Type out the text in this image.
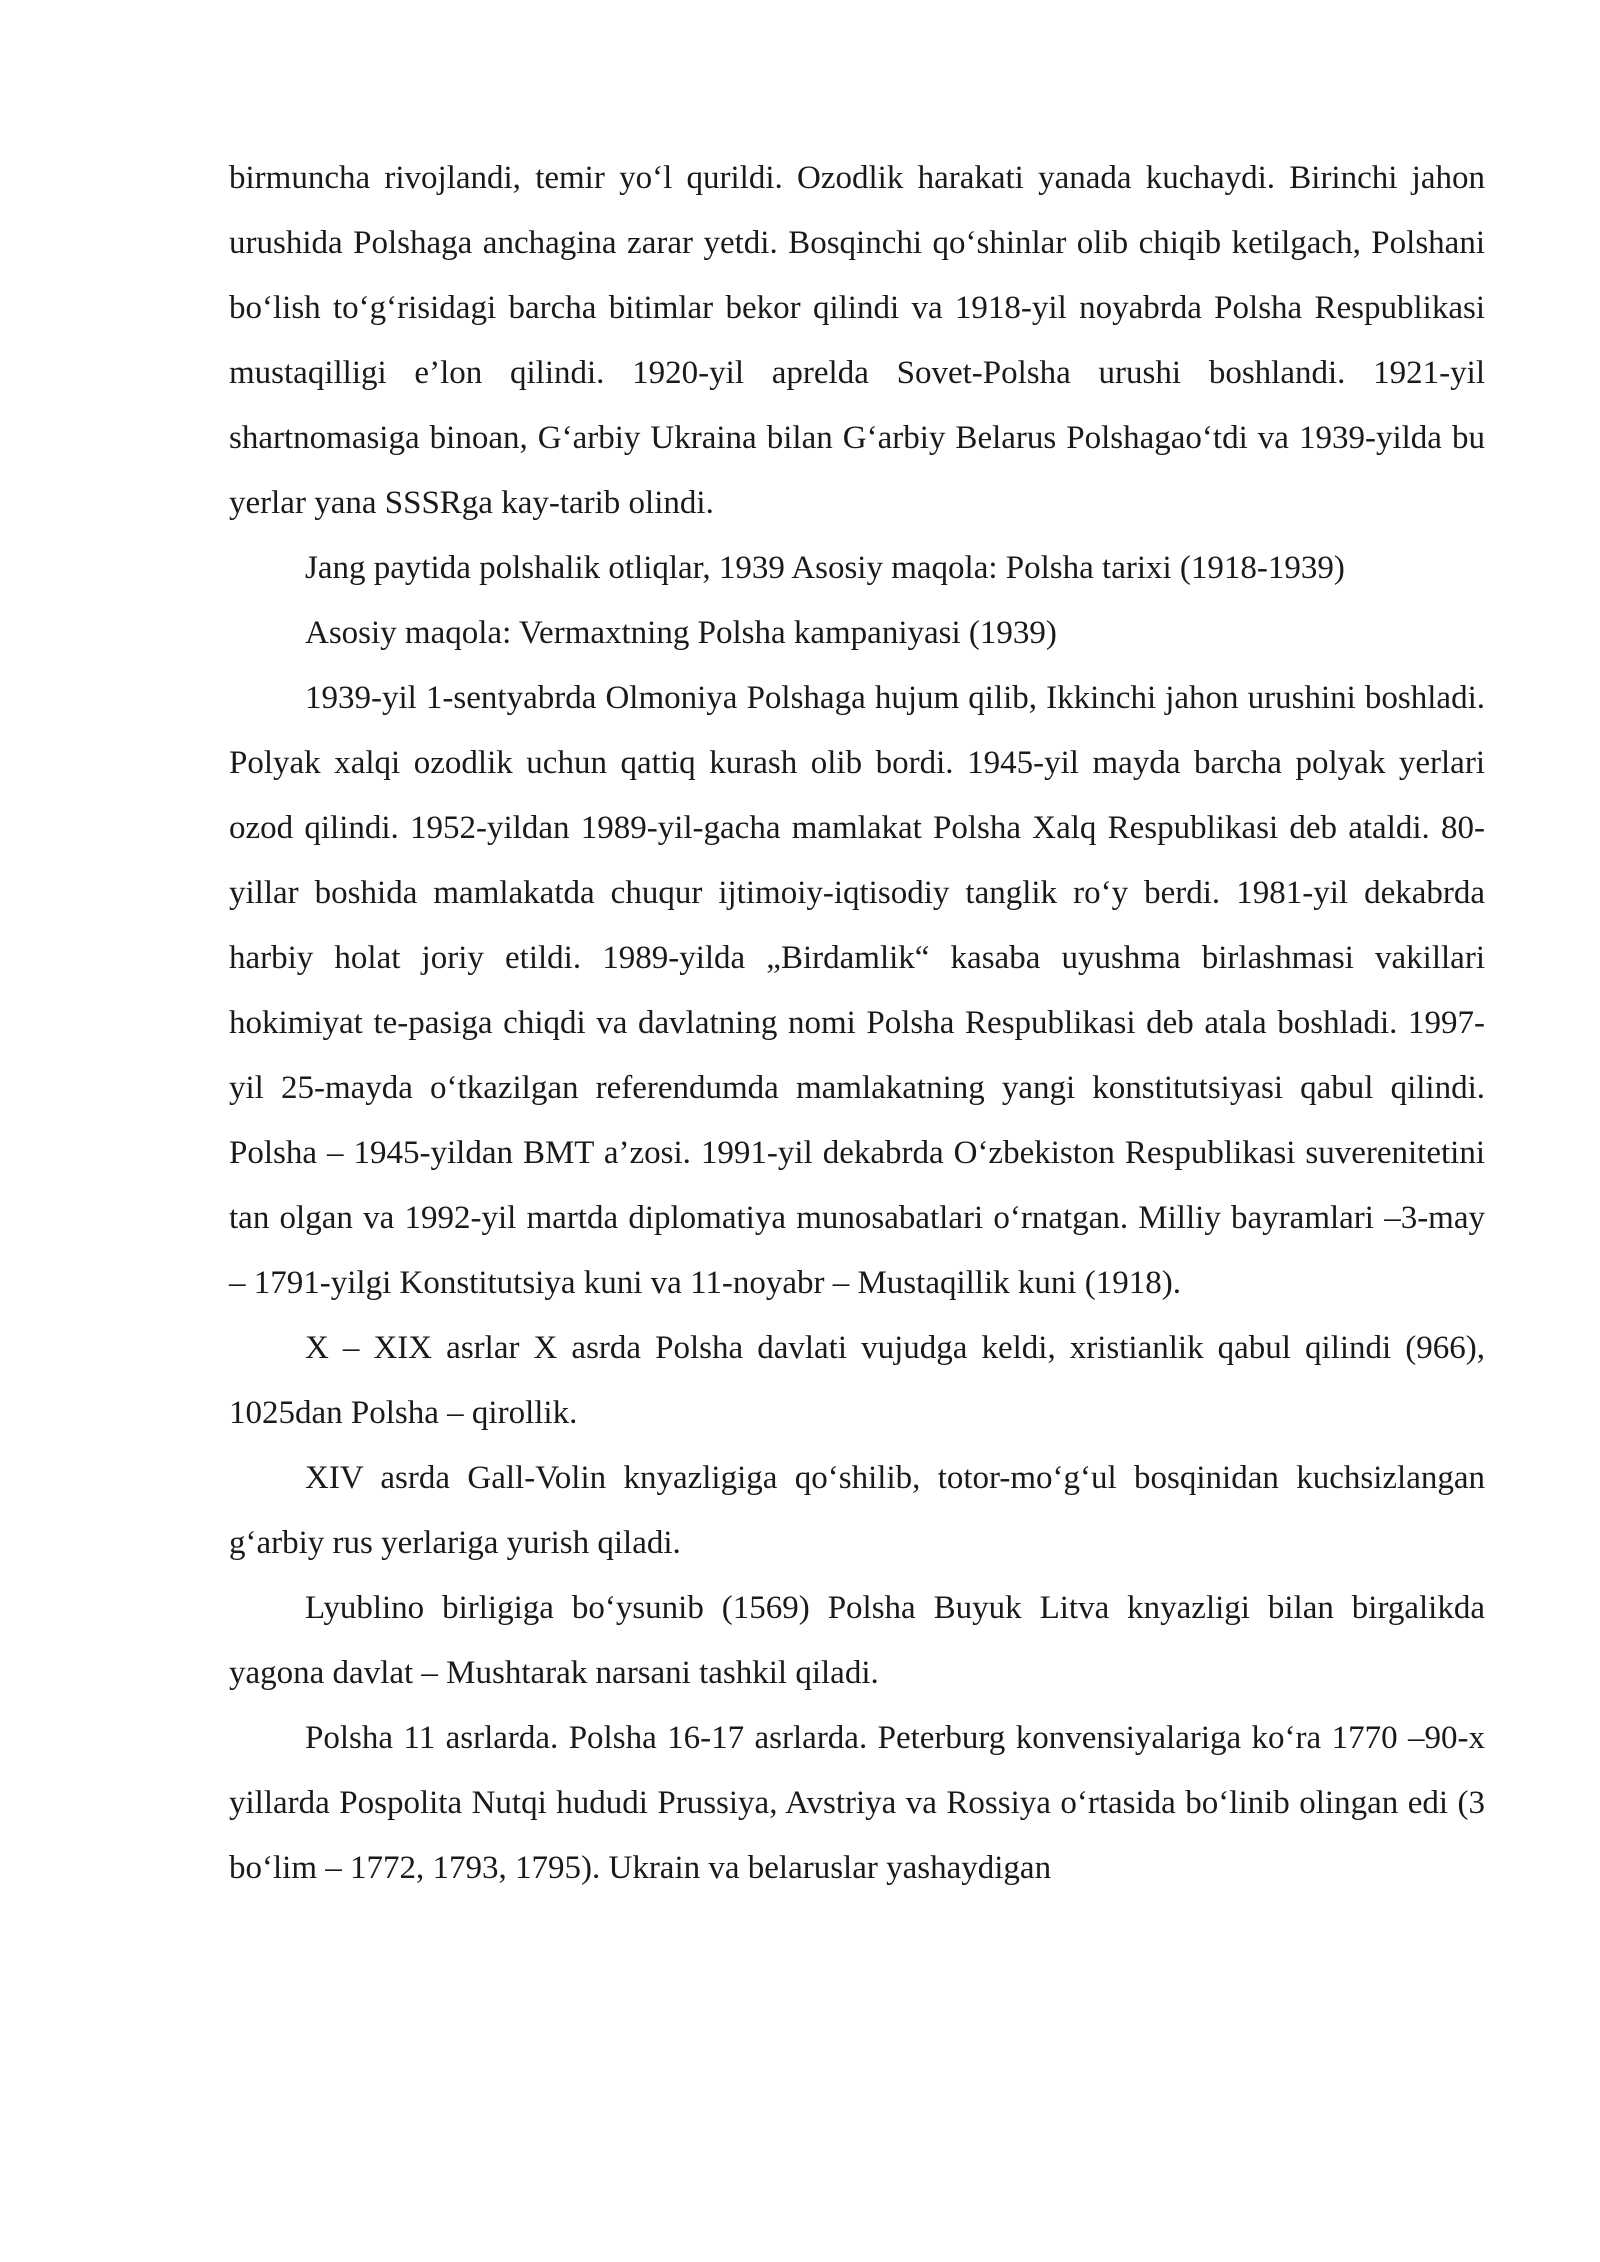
birmuncha rivojlandi, temir yo‘l qurildi. Ozodlik harakati yanada kuchaydi. Birinchi jahon urushida Polshaga anchagina zarar yetdi. Bosqinchi qo‘shinlar olib chiqib ketilgach, Polshani bo‘lish to‘g‘risidagi barcha bitimlar bekor qilindi va 1918-yil noyabrda Polsha Respublikasi mustaqilligi e’lon qilindi. 1920-yil aprelda Sovet-Polsha urushi boshlandi. 1921-yil shartnomasiga binoan, G‘arbiy Ukraina bilan G‘arbiy Belarus Polshagao‘tdi va 1939-yilda bu yerlar yana SSSRga kay-tarib olindi.

Jang paytida polshalik otliqlar, 1939 Asosiy maqola: Polsha tarixi (1918-1939)

Asosiy maqola: Vermaxtning Polsha kampaniyasi (1939)

1939-yil 1-sentyabrda Olmoniya Polshaga hujum qilib, Ikkinchi jahon urushini boshladi. Polyak xalqi ozodlik uchun qattiq kurash olib bordi. 1945-yil mayda barcha polyak yerlari ozod qilindi. 1952-yildan 1989-yil-gacha mamlakat Polsha Xalq Respublikasi deb ataldi. 80-yillar boshida mamlakatda chuqur ijtimoiy-iqtisodiy tanglik ro‘y berdi. 1981-yil dekabrda harbiy holat joriy etildi. 1989-yilda „Birdamlik“ kasaba uyushma birlashmasi vakillari hokimiyat te-pasiga chiqdi va davlatning nomi Polsha Respublikasi deb atala boshladi. 1997-yil 25-mayda o‘tkazilgan referendumda mamlakatning yangi konstitutsiyasi qabul qilindi. Polsha – 1945-yildan BMT a’zosi. 1991-yil dekabrda O‘zbekiston Respublikasi suverenitetini tan olgan va 1992-yil martda diplomatiya munosabatlari o‘rnatgan. Milliy bayramlari –3-may – 1791-yilgi Konstitutsiya kuni va 11-noyabr – Mustaqillik kuni (1918).

X – XIX asrlar X asrda Polsha davlati vujudga keldi, xristianlik qabul qilindi (966), 1025dan Polsha – qirollik.

XIV asrda Gall-Volin knyazligiga qo‘shilib, totor-mo‘g‘ul bosqinidan kuchsizlangan g‘arbiy rus yerlariga yurish qiladi.

Lyublino birligiga bo‘ysunib (1569) Polsha Buyuk Litva knyazligi bilan birgalikda yagona davlat – Mushtarak narsani tashkil qiladi.

Polsha 11 asrlarda. Polsha 16-17 asrlarda. Peterburg konvensiyalariga ko‘ra 1770 –90-x yillarda Pospolita Nutqi hududi Prussiya, Avstriya va Rossiya o‘rtasida bo‘linib olingan edi (3 bo‘lim – 1772, 1793, 1795). Ukrain va belaruslar yashaydigan
